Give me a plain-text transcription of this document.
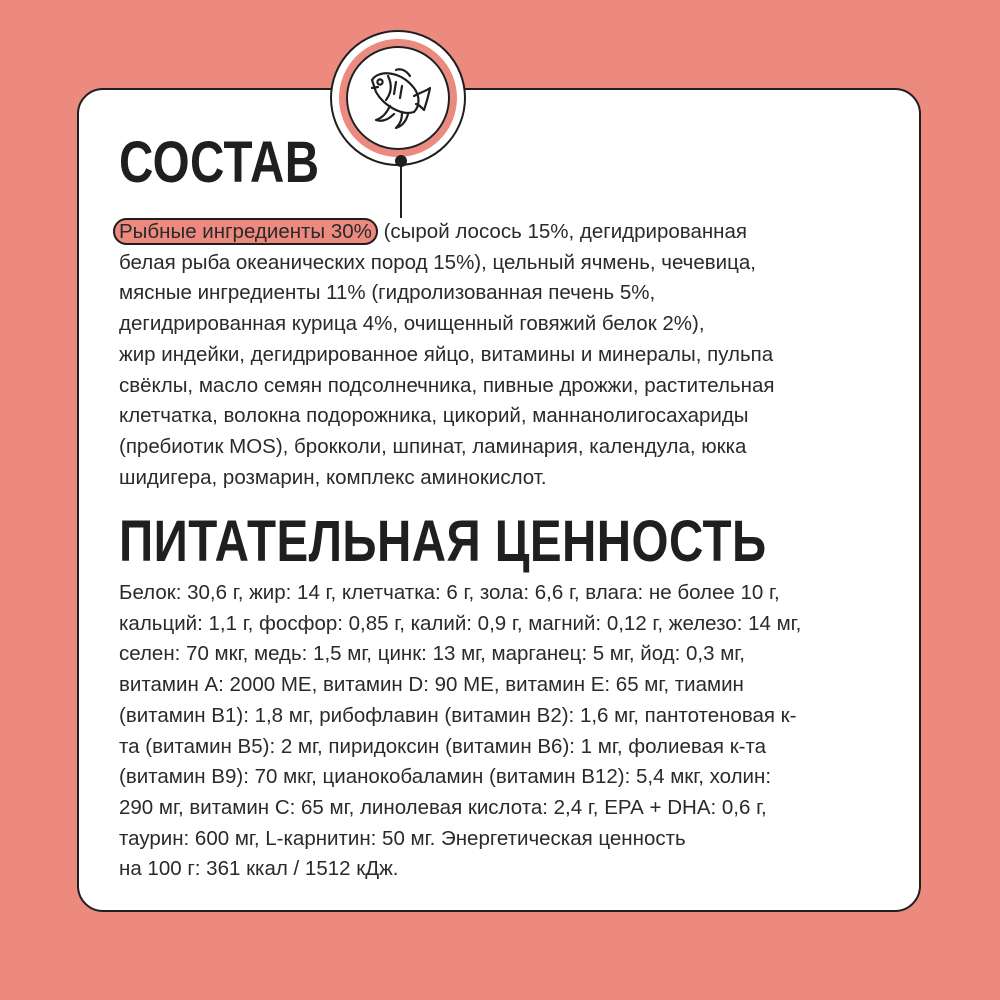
СОСТАВ

Рыбные ингредиенты 30% (сырой лосось 15%, дегидрированная
белая рыба океанических пород 15%), цельный ячмень, чечевица,
мясные ингредиенты 11% (гидролизованная печень 5%,
дегидрированная курица 4%, очищенный говяжий белок 2%),
жир индейки, дегидрированное яйцо, витамины и минералы, пульпа
свёклы, масло семян подсолнечника, пивные дрожжи, растительная
клетчатка, волокна подорожника, цикорий, маннанолигосахариды
(пребиотик MOS), брокколи, шпинат, ламинария, календула, юкка
шидигера, розмарин, комплекс аминокислот.

ПИТАТЕЛЬНАЯ ЦЕННОСТЬ

Белок: 30,6 г, жир: 14 г, клетчатка: 6 г, зола: 6,6 г, влага: не более 10 г,
кальций: 1,1 г, фосфор: 0,85 г, калий: 0,9 г, магний: 0,12 г, железо: 14 мг,
селен: 70 мкг, медь: 1,5 мг, цинк: 13 мг, марганец: 5 мг, йод: 0,3 мг,
витамин А: 2000 МЕ, витамин D: 90 МЕ, витамин Е: 65 мг, тиамин
(витамин В1): 1,8 мг, рибофлавин (витамин В2): 1,6 мг, пантотеновая к-
та (витамин В5): 2 мг, пиридоксин (витамин В6): 1 мг, фолиевая к-та
(витамин В9): 70 мкг, цианокобаламин (витамин В12): 5,4 мкг, холин:
290 мг, витамин С: 65 мг, линолевая кислота: 2,4 г, ЕРА + DHA: 0,6 г,
таурин: 600 мг, L-карнитин: 50 мг. Энергетическая ценность
на 100 г: 361 ккал / 1512 кДж.
